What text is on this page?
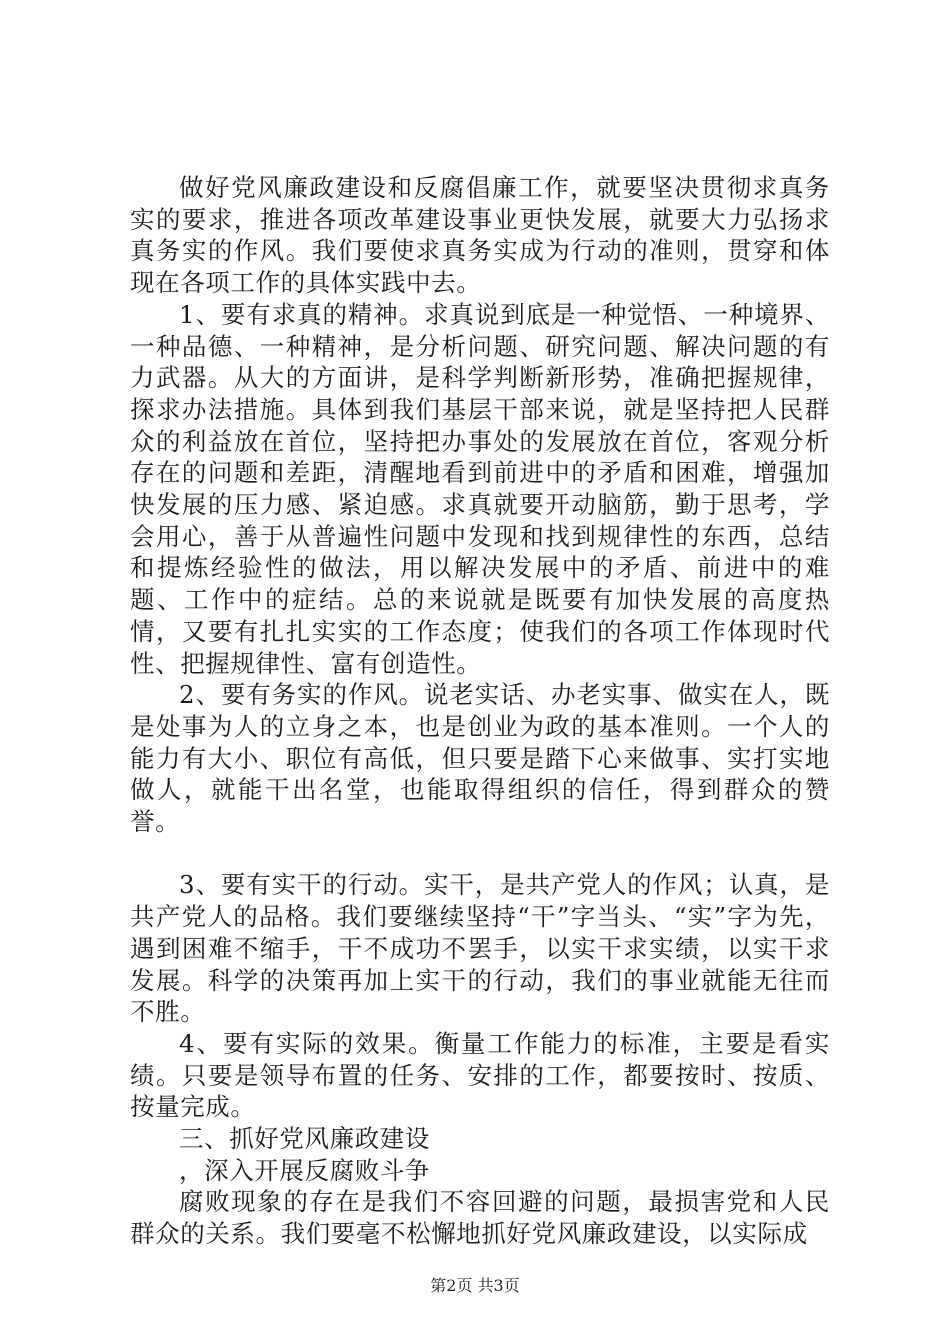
做好党风廉政建设和反腐倡廉工作，就要坚决贯彻求真务实的要求，推进各项改革建设事业更快发展，就要大力弘扬求真务实的作风。我们要使求真务实成为行动的准则，贯穿和体现在各项工作的具体实践中去。

1、要有求真的精神。求真说到底是一种觉悟、一种境界、一种品德、一种精神，是分析问题、研究问题、解决问题的有力武器。从大的方面讲，是科学判断新形势，准确把握规律，探求办法措施。具体到我们基层干部来说，就是坚持把人民群众的利益放在首位，坚持把办事处的发展放在首位，客观分析存在的问题和差距，清醒地看到前进中的矛盾和困难，增强加快发展的压力感、紧迫感。求真就要开动脑筋，勤于思考，学会用心，善于从普遍性问题中发现和找到规律性的东西，总结和提炼经验性的做法，用以解决发展中的矛盾、前进中的难题、工作中的症结。总的来说就是既要有加快发展的高度热情，又要有扎扎实实的工作态度；使我们的各项工作体现时代性、把握规律性、富有创造性。

2、要有务实的作风。说老实话、办老实事、做实在人，既是处事为人的立身之本，也是创业为政的基本准则。一个人的能力有大小、职位有高低，但只要是踏下心来做事、实打实地做人，就能干出名堂，也能取得组织的信任，得到群众的赞誉。

3、要有实干的行动。实干，是共产党人的作风；认真，是共产党人的品格。我们要继续坚持“干”字当头、“实”字为先，遇到困难不缩手，干不成功不罢手，以实干求实绩，以实干求发展。科学的决策再加上实干的行动，我们的事业就能无往而不胜。

4、要有实际的效果。衡量工作能力的标准，主要是看实绩。只要是领导布置的任务、安排的工作，都要按时、按质、按量完成。

三、抓好党风廉政建设

，深入开展反腐败斗争

腐败现象的存在是我们不容回避的问题，最损害党和人民群众的关系。我们要毫不松懈地抓好党风廉政建设，以实际成

第2页 共3页
